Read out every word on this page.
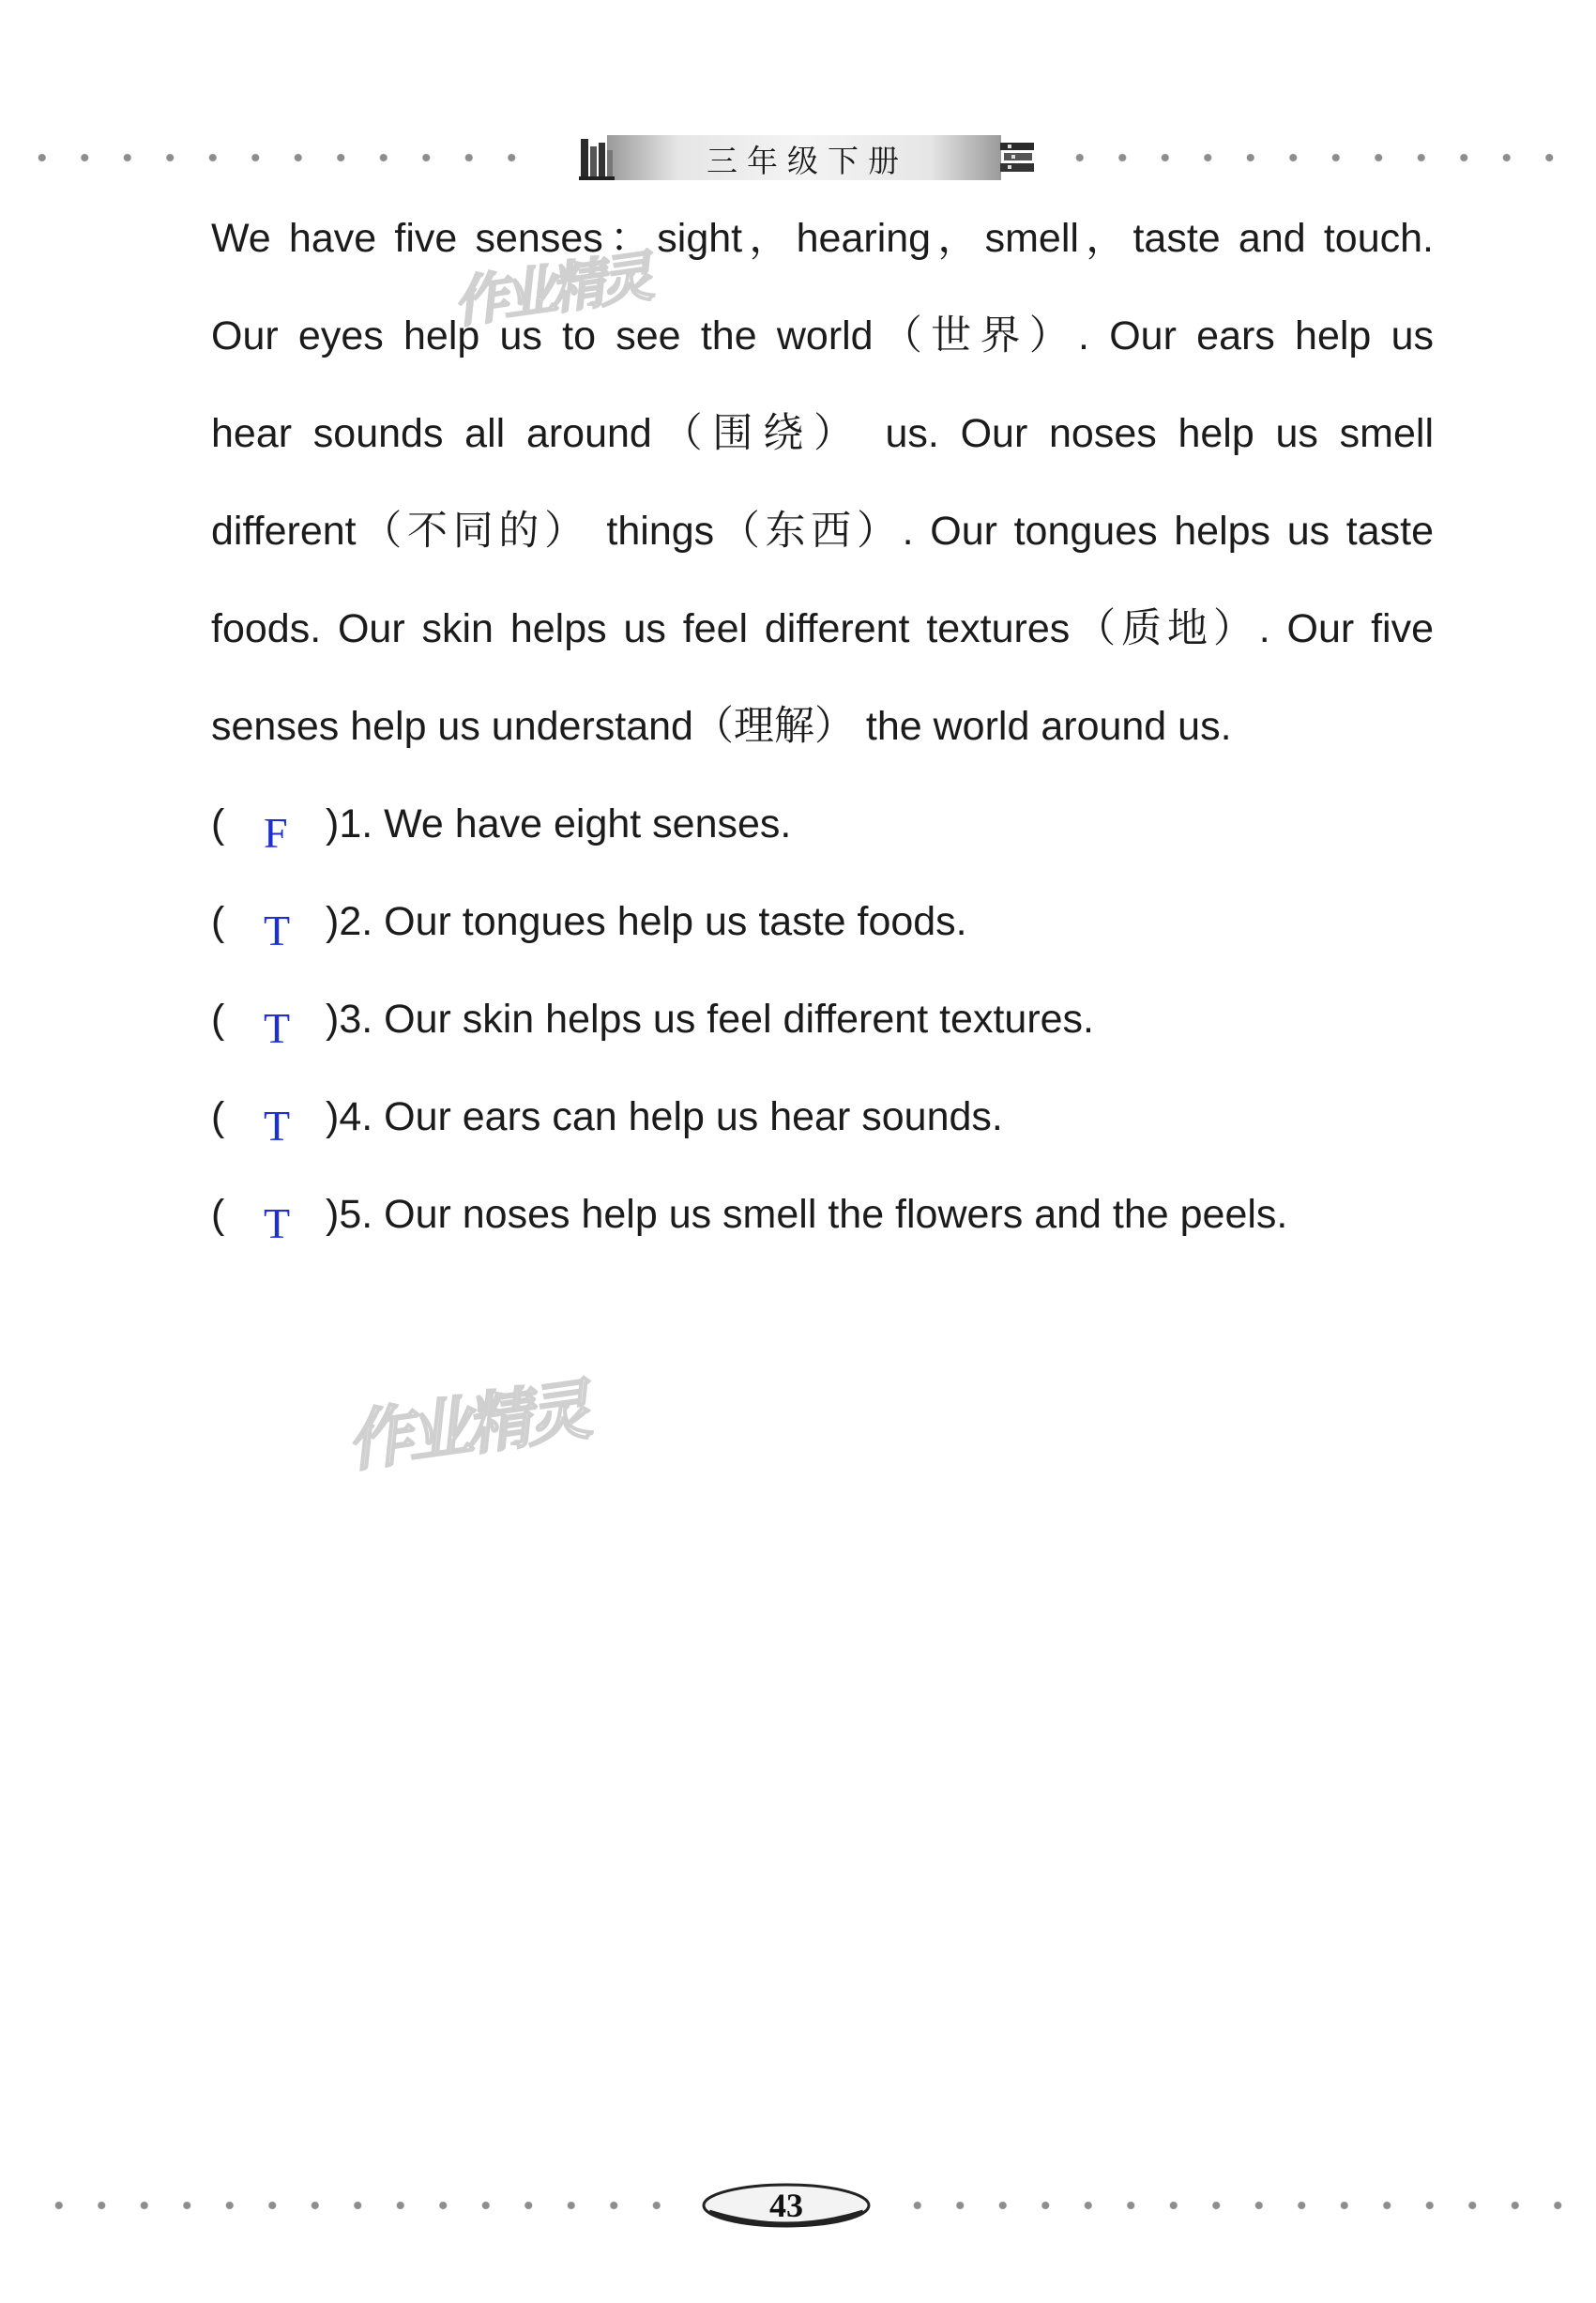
三年级下册
作业精灵
作业精灵
We have five senses：sight，hearing，smell，taste and touch.
Our eyes help us to see the world（世界）. Our ears help us
hear sounds all around（围绕） us. Our noses help us smell
different（不同的） things（东西）. Our tongues helps us taste
foods. Our skin helps us feel different textures（质地）. Our five
senses help us understand（理解） the world around us.
( F )1. We have eight senses.
( T )2. Our tongues help us taste foods.
( T )3. Our skin helps us feel different textures.
( T )4. Our ears can help us hear sounds.
( T )5. Our noses help us smell the flowers and the peels.
43
